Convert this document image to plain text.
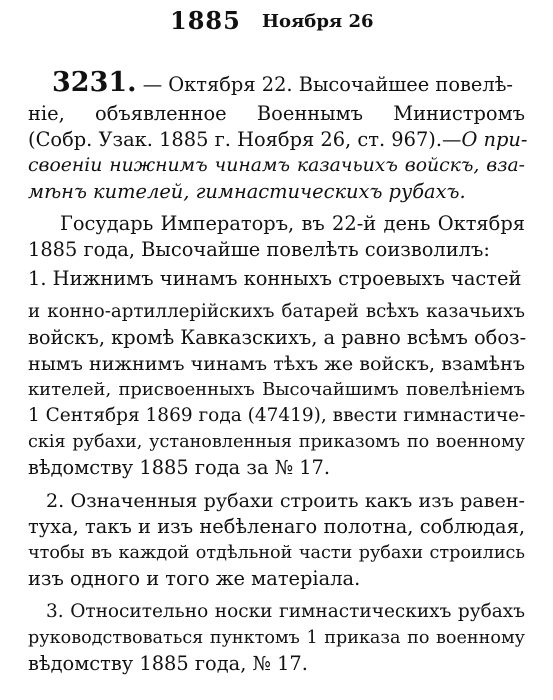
1885 Ноября 26
3231. — Октября 22. Высочайшее повелѣ-
ніе, объявленное Военнымъ Министромъ
(Собр. Узак. 1885 г. Ноября 26, ст. 967).—О при-
своеніи нижнимъ чинамъ казачьихъ войскъ, вза-
мѣнъ кителей, гимнастическихъ рубахъ.
Государь Императоръ, въ 22-й день Октября
1885 года, Высочайше повелѣть соизволилъ:
1. Нижнимъ чинамъ конныхъ строевыхъ частей
и конно-артиллерійскихъ батарей всѣхъ казачьихъ
войскъ, кромѣ Кавказскихъ, а равно всѣмъ обоз-
нымъ нижнимъ чинамъ тѣхъ же войскъ, взамѣнъ
кителей, присвоенныхъ Высочайшимъ повелѣніемъ
1 Сентября 1869 года (47419), ввести гимнастиче-
скія рубахи, установленныя приказомъ по военному
вѣдомству 1885 года за № 17.
2. Означенныя рубахи строить какъ изъ равен-
туха, такъ и изъ небѣленаго полотна, соблюдая,
чтобы въ каждой отдѣльной части рубахи строились
изъ одного и того же матеріала.
3. Относительно носки гимнастическихъ рубахъ
руководствоваться пунктомъ 1 приказа по военному
вѣдомству 1885 года, № 17.
